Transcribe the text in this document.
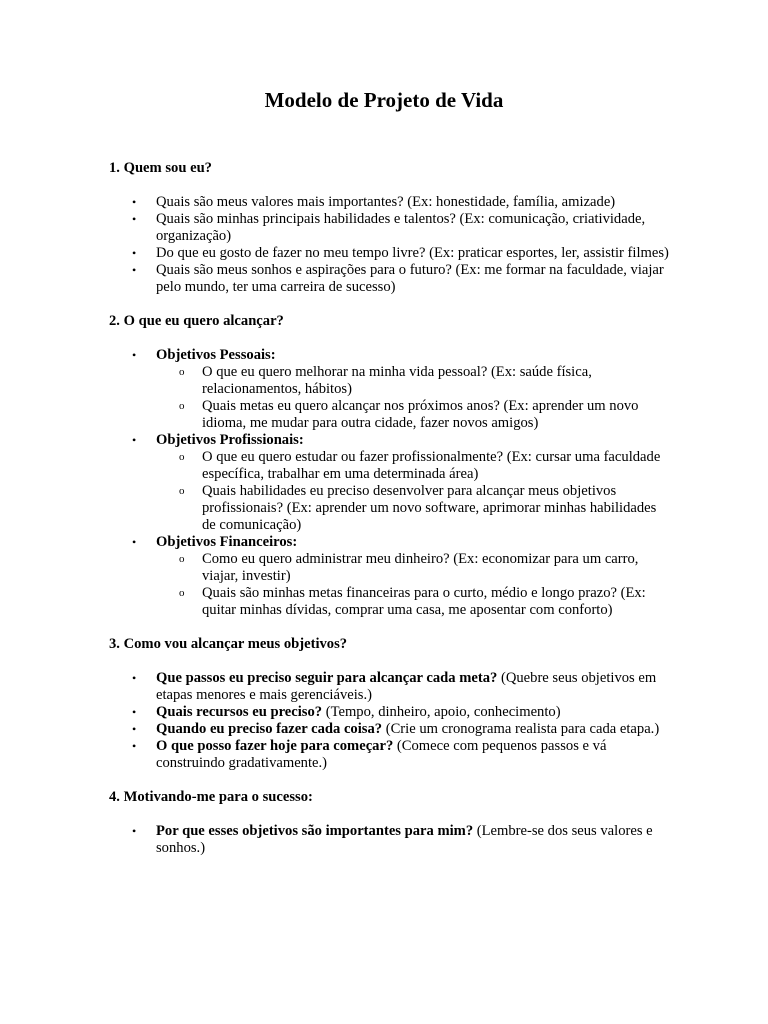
Modelo de Projeto de Vida
1. Quem sou eu?
•	Quais são meus valores mais importantes? (Ex: honestidade, família, amizade)
•	Quais são minhas principais habilidades e talentos? (Ex: comunicação, criatividade, organização)
•	Do que eu gosto de fazer no meu tempo livre? (Ex: praticar esportes, ler, assistir filmes)
•	Quais são meus sonhos e aspirações para o futuro? (Ex: me formar na faculdade, viajar pelo mundo, ter uma carreira de sucesso)
2. O que eu quero alcançar?
•	Objetivos Pessoais:
o O que eu quero melhorar na minha vida pessoal? (Ex: saúde física, relacionamentos, hábitos)
o Quais metas eu quero alcançar nos próximos anos? (Ex: aprender um novo idioma, me mudar para outra cidade, fazer novos amigos)
•	Objetivos Profissionais:
o O que eu quero estudar ou fazer profissionalmente? (Ex: cursar uma faculdade específica, trabalhar em uma determinada área)
o Quais habilidades eu preciso desenvolver para alcançar meus objetivos profissionais? (Ex: aprender um novo software, aprimorar minhas habilidades de comunicação)
•	Objetivos Financeiros:
o Como eu quero administrar meu dinheiro? (Ex: economizar para um carro, viajar, investir)
o Quais são minhas metas financeiras para o curto, médio e longo prazo? (Ex: quitar minhas dívidas, comprar uma casa, me aposentar com conforto)
3. Como vou alcançar meus objetivos?
•	Que passos eu preciso seguir para alcançar cada meta? (Quebre seus objetivos em etapas menores e mais gerenciáveis.)
•	Quais recursos eu preciso? (Tempo, dinheiro, apoio, conhecimento)
•	Quando eu preciso fazer cada coisa? (Crie um cronograma realista para cada etapa.)
•	O que posso fazer hoje para começar? (Comece com pequenos passos e vá construindo gradativamente.)
4. Motivando-me para o sucesso:
•	Por que esses objetivos são importantes para mim? (Lembre-se dos seus valores e sonhos.)
